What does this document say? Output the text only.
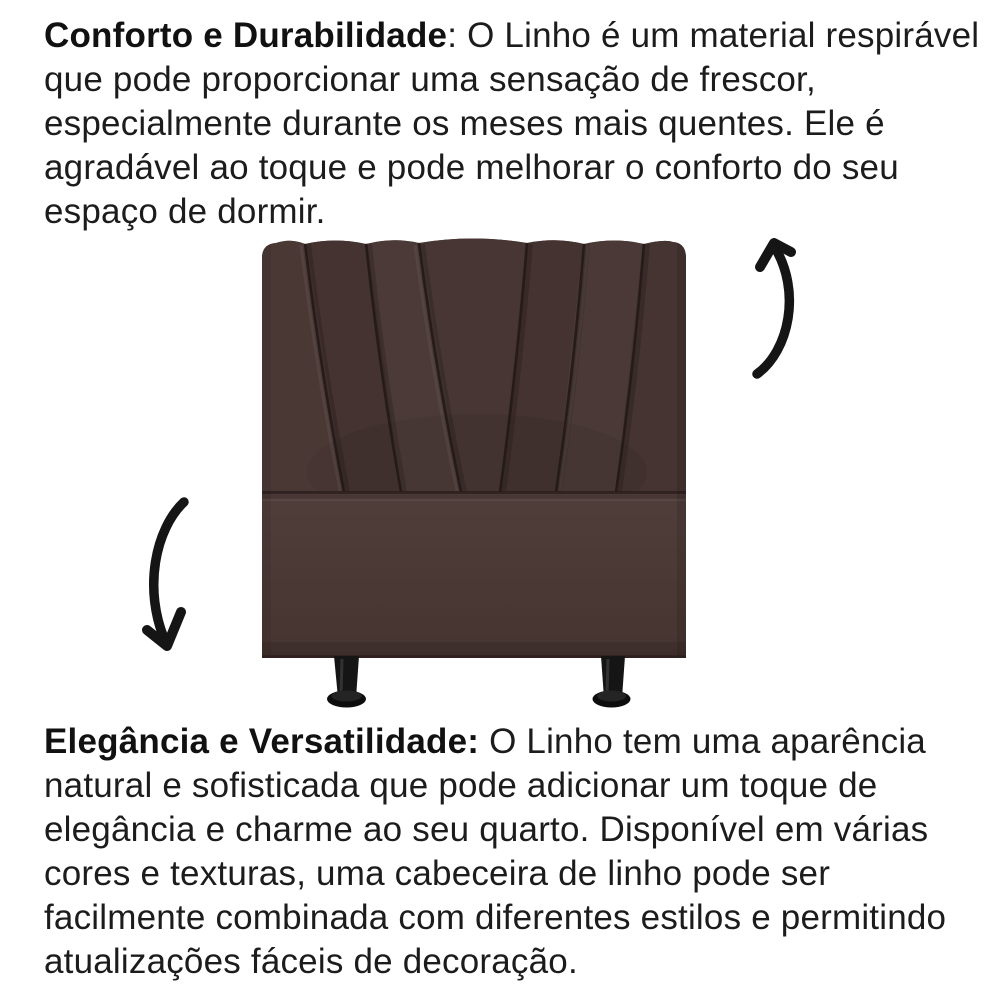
Conforto e Durabilidade: O Linho é um material respirável

que pode proporcionar uma sensação de frescor,

especialmente durante os meses mais quentes. Ele é

agradável ao toque e pode melhorar o conforto do seu

espaço de dormir.

Elegância e Versatilidade: O Linho tem uma aparência

natural e sofisticada que pode adicionar um toque de

elegância e charme ao seu quarto. Disponível em várias

cores e texturas, uma cabeceira de linho pode ser

facilmente combinada com diferentes estilos e permitindo

atualizações fáceis de decoração.
